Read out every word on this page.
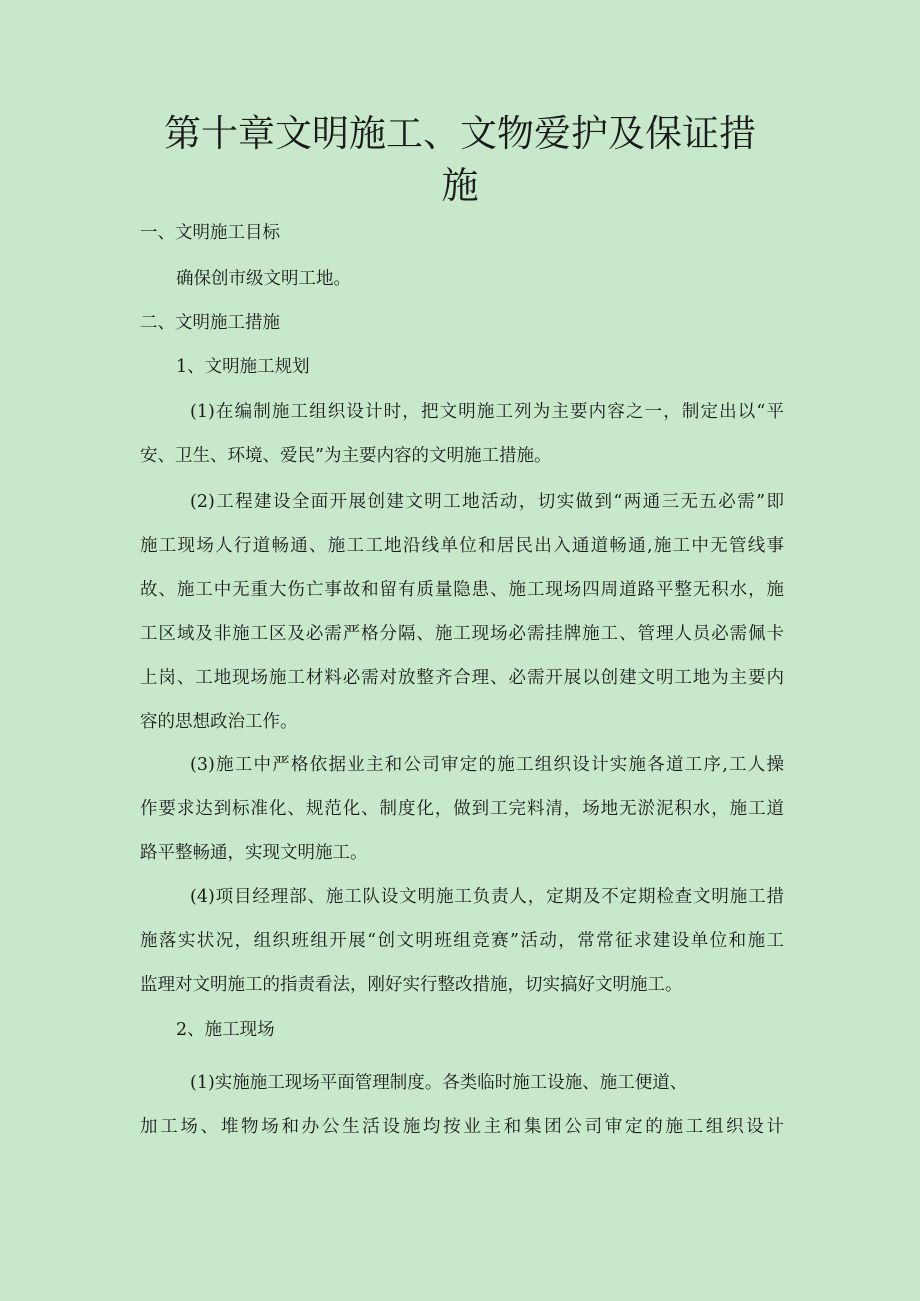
第十章文明施工、文物爱护及保证措
施
一、文明施工目标
确保创市级文明工地。
二、文明施工措施
1、文明施工规划
(1)在编制施工组织设计时，把文明施工列为主要内容之一，制定出以“平
安、卫生、环境、爱民”为主要内容的文明施工措施。
(2)工程建设全面开展创建文明工地活动，切实做到“两通三无五必需”即
施工现场人行道畅通、施工工地沿线单位和居民出入通道畅通,施工中无管线事
故、施工中无重大伤亡事故和留有质量隐患、施工现场四周道路平整无积水，施
工区域及非施工区及必需严格分隔、施工现场必需挂牌施工、管理人员必需佩卡
上岗、工地现场施工材料必需对放整齐合理、必需开展以创建文明工地为主要内
容的思想政治工作。
(3)施工中严格依据业主和公司审定的施工组织设计实施各道工序,工人操
作要求达到标准化、规范化、制度化，做到工完料清，场地无淤泥积水，施工道
路平整畅通，实现文明施工。
(4)项目经理部、施工队设文明施工负责人，定期及不定期检查文明施工措
施落实状况，组织班组开展“创文明班组竞赛”活动，常常征求建设单位和施工
监理对文明施工的指责看法，刚好实行整改措施，切实搞好文明施工。
2、施工现场
(1)实施施工现场平面管理制度。各类临时施工设施、施工便道、
加工场、堆物场和办公生活设施均按业主和集团公司审定的施工组织设计
